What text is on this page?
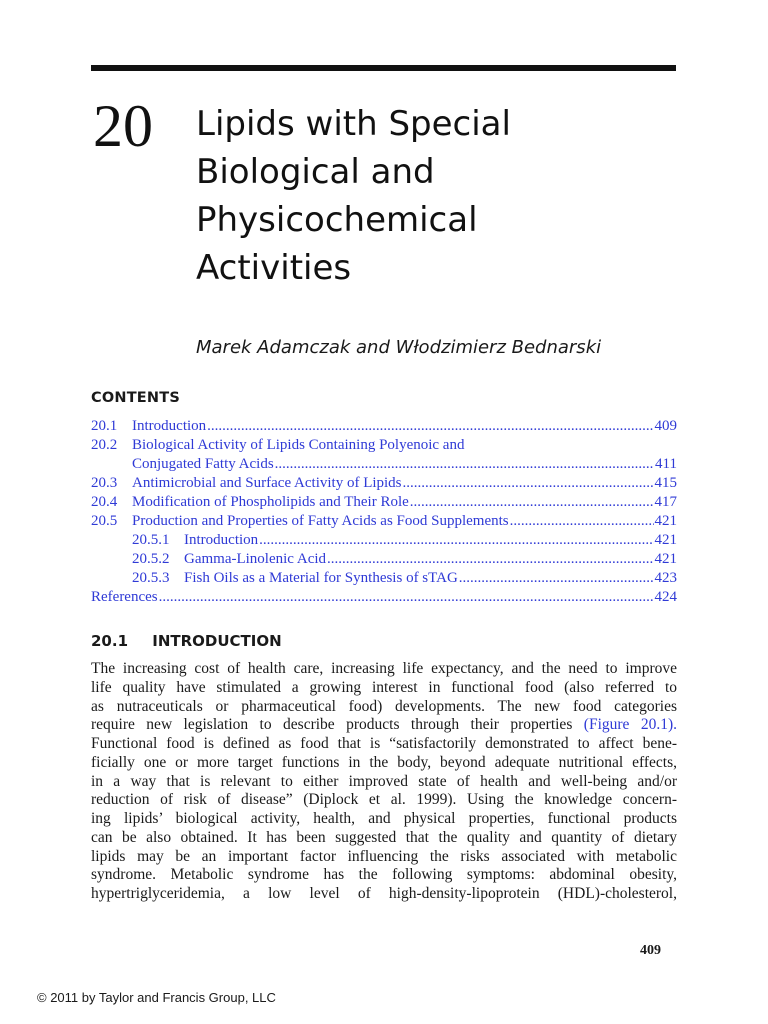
20 Lipids with Special
Biological and
Physicochemical
Activities
Marek Adamczak and Włodzimierz Bednarski
CONTENTS
20.1 Introduction .....	409
20.2 Biological Activity of Lipids Containing Polyenoic and
Conjugated Fatty Acids .....	411
20.3 Antimicrobial and Surface Activity of Lipids .....	415
20.4 Modification of Phospholipids and Their Role .....	417
20.5 Production and Properties of Fatty Acids as Food Supplements .....	421
20.5.1 Introduction .....	421
20.5.2 Gamma-Linolenic Acid .....	421
20.5.3 Fish Oils as a Material for Synthesis of sTAG .....	423
References .....	424
20.1 INTRODUCTION
The increasing cost of health care, increasing life expectancy, and the need to improve
life quality have stimulated a growing interest in functional food (also referred to
as nutraceuticals or pharmaceutical food) developments. The new food categories
require new legislation to describe products through their properties (Figure 20.1).
Functional food is defined as food that is “satisfactorily demonstrated to affect bene-
ficially one or more target functions in the body, beyond adequate nutritional effects,
in a way that is relevant to either improved state of health and well-being and/or
reduction of risk of disease” (Diplock et al. 1999). Using the knowledge concern-
ing lipids’ biological activity, health, and physical properties, functional products
can be also obtained. It has been suggested that the quality and quantity of dietary
lipids may be an important factor influencing the risks associated with metabolic
syndrome. Metabolic syndrome has the following symptoms: abdominal obesity,
hypertriglyceridemia, a low level of high-density-lipoprotein (HDL)-cholesterol,
409
© 2011 by Taylor and Francis Group, LLC
